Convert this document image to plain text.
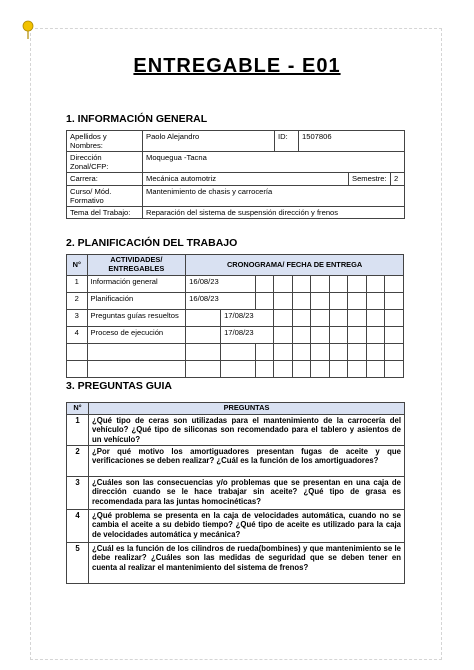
ENTREGABLE - E01
1. INFORMACIÓN GENERAL
Apellidos y Nombres:	Paolo Alejandro	ID:	1507806		
Dirección Zonal/CFP:	Moquegua -Tacna				
Carrera:	Mecánica automotriz			Semestre:	2
Curso/ Mód. Formativo	Mantenimiento de chasis y carrocería				
Tema del Trabajo:	Reparación del sistema de suspensión dirección y frenos				
2. PLANIFICACIÓN DEL TRABAJO
N°	ACTIVIDADES/ ENTREGABLES	CRONOGRAMA/ FECHA DE ENTREGA									
1	Información general	16/08/23									
2	Planificación	16/08/23									
3	Preguntas guías resueltos		17/08/23								
4	Proceso de ejecución		17/08/23								

3. PREGUNTAS GUIA
N°	PREGUNTAS
1	¿Qué tipo de ceras son utilizadas para el mantenimiento de la carrocería del vehículo? ¿Qué tipo de siliconas son recomendado para el tablero y asientos de un vehículo?
2	¿Por qué motivo los amortiguadores presentan fugas de aceite y que verificaciones se deben realizar? ¿Cuál es la función de los amortiguadores?
3	¿Cuáles son las consecuencias y/o problemas que se presentan en una caja de dirección cuando se le hace trabajar sin aceite? ¿Qué tipo de grasa es recomendada para las juntas homocinéticas?
4	¿Qué problema se presenta en la caja de velocidades automática, cuando no se cambia el aceite a su debido tiempo? ¿Qué tipo de aceite es utilizado para la caja de velocidades automática y mecánica?
5	¿Cuál es la función de los cilindros de rueda(bombines) y que mantenimiento se le debe realizar? ¿Cuáles son las medidas de seguridad que se deben tener en cuenta al realizar el mantenimiento del sistema de frenos?
